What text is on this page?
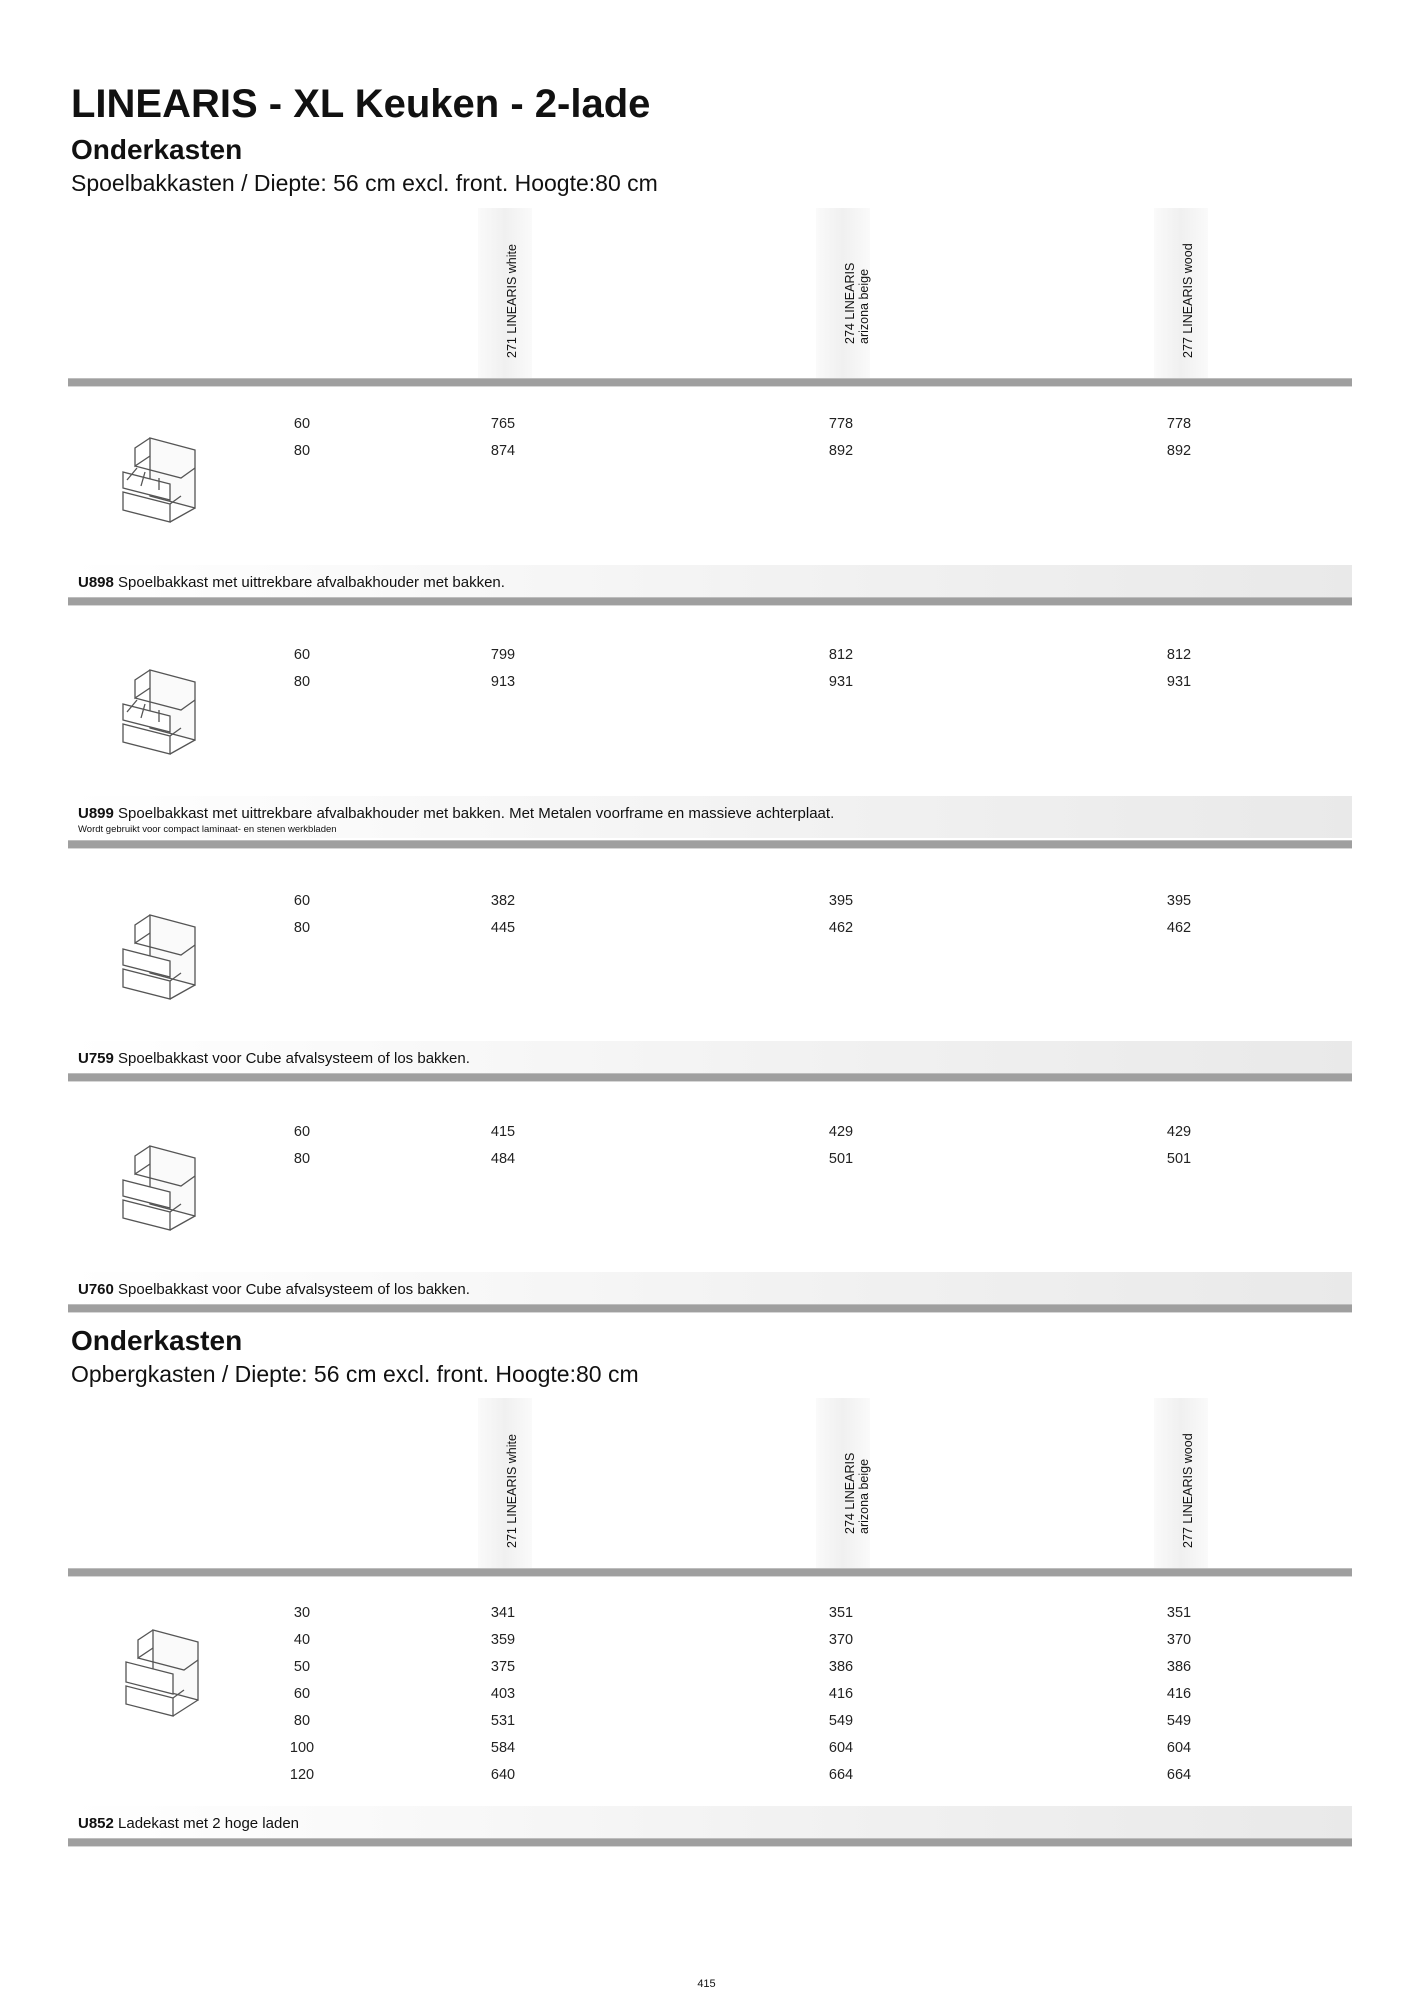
LINEARIS - XL Keuken - 2-lade
Onderkasten

Spoelbakkasten / Diepte: 56 cm excl. front. Hoogte:80 cm

271 LINEARIS white	274 LINEARIS arizona beige	277 LINEARIS wood
60	765	778	778
80	874	892	892
U898 Spoelbakkast met uittrekbare afvalbakhouder met bakken.
60	799	812	812
80	913	931	931
U899 Spoelbakkast met uittrekbare afvalbakhouder met bakken. Met Metalen voorframe en massieve achterplaat.
Wordt gebruikt voor compact laminaat- en stenen werkbladen
60	382	395	395
80	445	462	462
U759 Spoelbakkast voor Cube afvalsysteem of los bakken.
60	415	429	429
80	484	501	501
U760 Spoelbakkast voor Cube afvalsysteem of los bakken.
Onderkasten

Opbergkasten / Diepte: 56 cm excl. front. Hoogte:80 cm

271 LINEARIS white	274 LINEARIS arizona beige	277 LINEARIS wood
30	341	351	351
40	359	370	370
50	375	386	386
60	403	416	416
80	531	549	549
100	584	604	604
120	640	664	664
U852 Ladekast met 2 hoge laden
415
